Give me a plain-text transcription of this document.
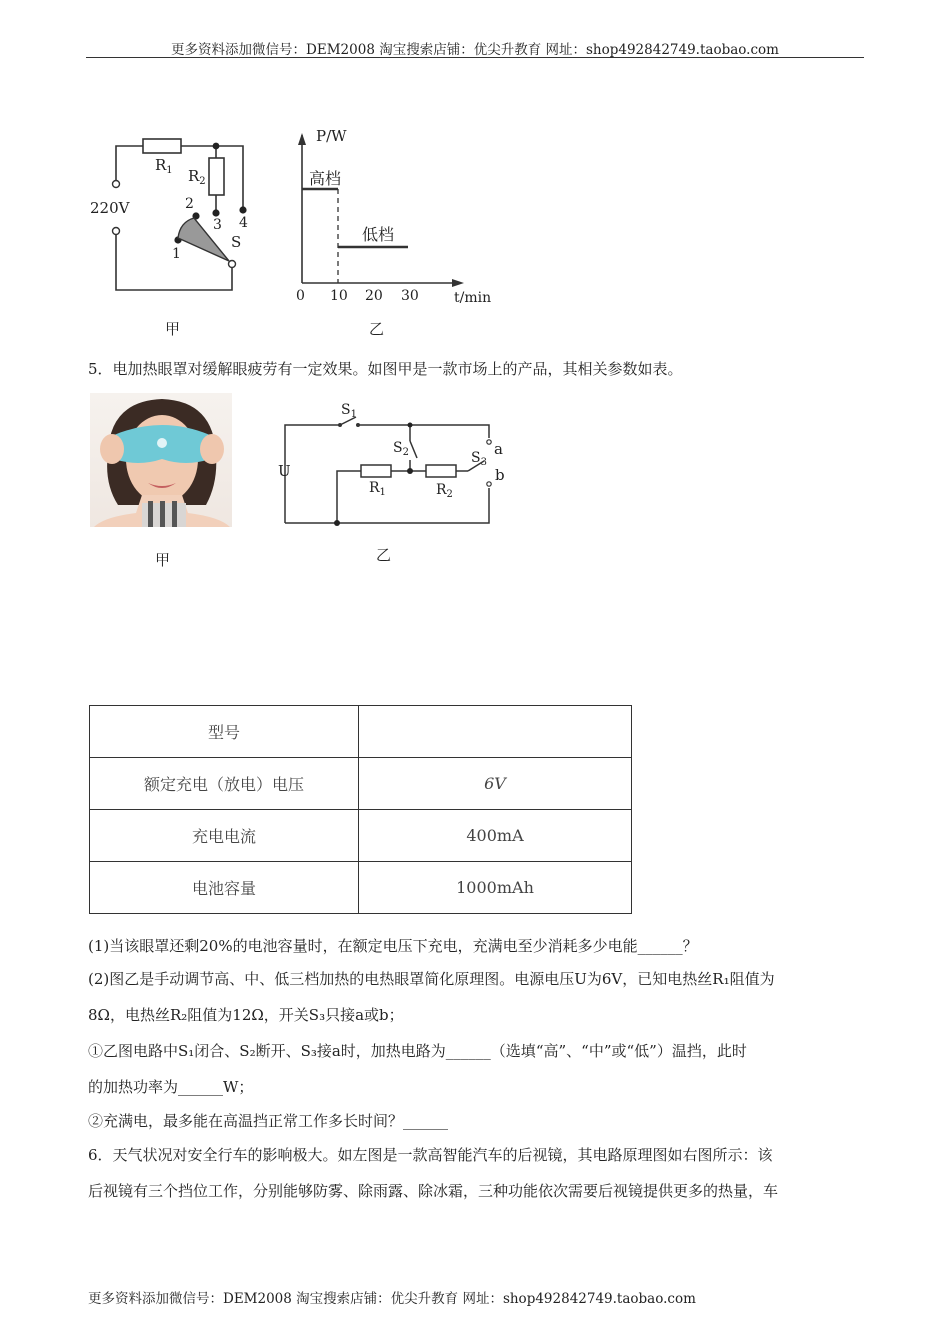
更多资料添加微信号：DEM2008 淘宝搜索店铺：优尖升教育 网址：shop492842749.taobao.com
更多资料添加微信号：DEM2008 淘宝搜索店铺：优尖升教育 网址：shop492842749.taobao.com
$R_1$ $R_2$
220V
1
2
3 4
S
甲
P/W
高档
低档
0 10 20 30	t/min
乙
5．电加热眼罩对缓解眼疲劳有一定效果。如图甲是一款市场上的产品，其相关参数如表。
甲
$S_1$
$S_2$	$S_3$
a
b
U
$R_1$	$R_2$
乙
型号	
额定充电（放电）电压	6V
充电电流	400mA
电池容量	1000mAh
(1)当该眼罩还剩20%的电池容量时，在额定电压下充电，充满电至少消耗多少电能______？
(2)图乙是手动调节高、中、低三档加热的电热眼罩简化原理图。电源电压U为6V，已知电热丝R₁阻值为
8Ω，电热丝R₂阻值为12Ω，开关S₃只接a或b；
①乙图电路中S₁闭合、S₂断开、S₃接a时，加热电路为______（选填“高”、“中”或“低”）温挡，此时
的加热功率为______W；
②充满电，最多能在高温挡正常工作多长时间？______
6．天气状况对安全行车的影响极大。如左图是一款高智能汽车的后视镜，其电路原理图如右图所示：该
后视镜有三个挡位工作，分别能够防雾、除雨露、除冰霜，三种功能依次需要后视镜提供更多的热量，车
